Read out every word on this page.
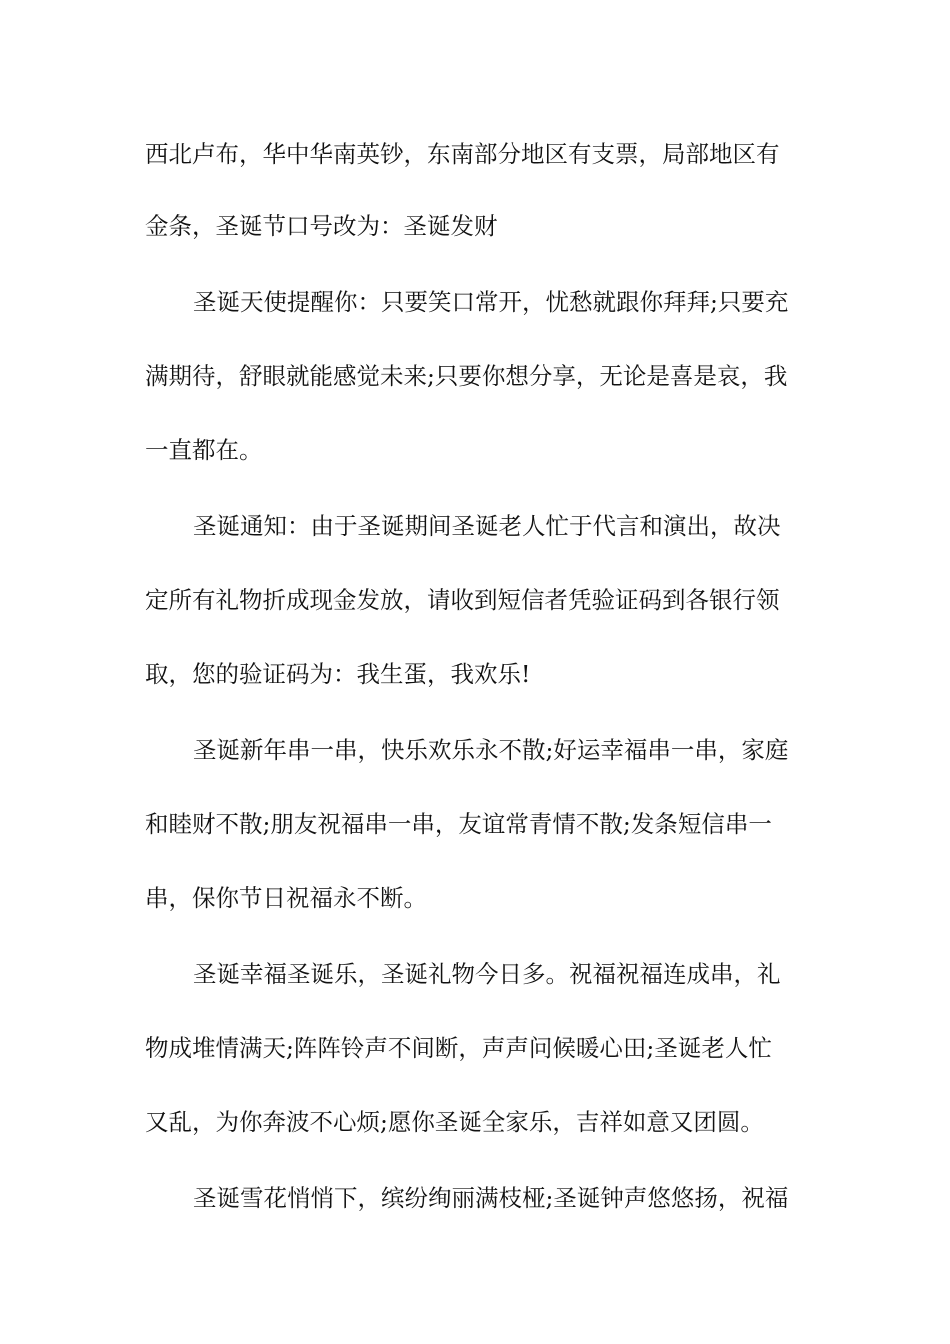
西北卢布，华中华南英钞，东南部分地区有支票，局部地区有
金条，圣诞节口号改为：圣诞发财
圣诞天使提醒你：只要笑口常开，忧愁就跟你拜拜;只要充
满期待，舒眼就能感觉未来;只要你想分享，无论是喜是哀，我
一直都在。
圣诞通知：由于圣诞期间圣诞老人忙于代言和演出，故决
定所有礼物折成现金发放，请收到短信者凭验证码到各银行领
取，您的验证码为：我生蛋，我欢乐!
圣诞新年串一串，快乐欢乐永不散;好运幸福串一串，家庭
和睦财不散;朋友祝福串一串，友谊常青情不散;发条短信串一
串，保你节日祝福永不断。
圣诞幸福圣诞乐，圣诞礼物今日多。祝福祝福连成串，礼
物成堆情满天;阵阵铃声不间断，声声问候暖心田;圣诞老人忙
又乱，为你奔波不心烦;愿你圣诞全家乐，吉祥如意又团圆。
圣诞雪花悄悄下，缤纷绚丽满枝桠;圣诞钟声悠悠扬，祝福
